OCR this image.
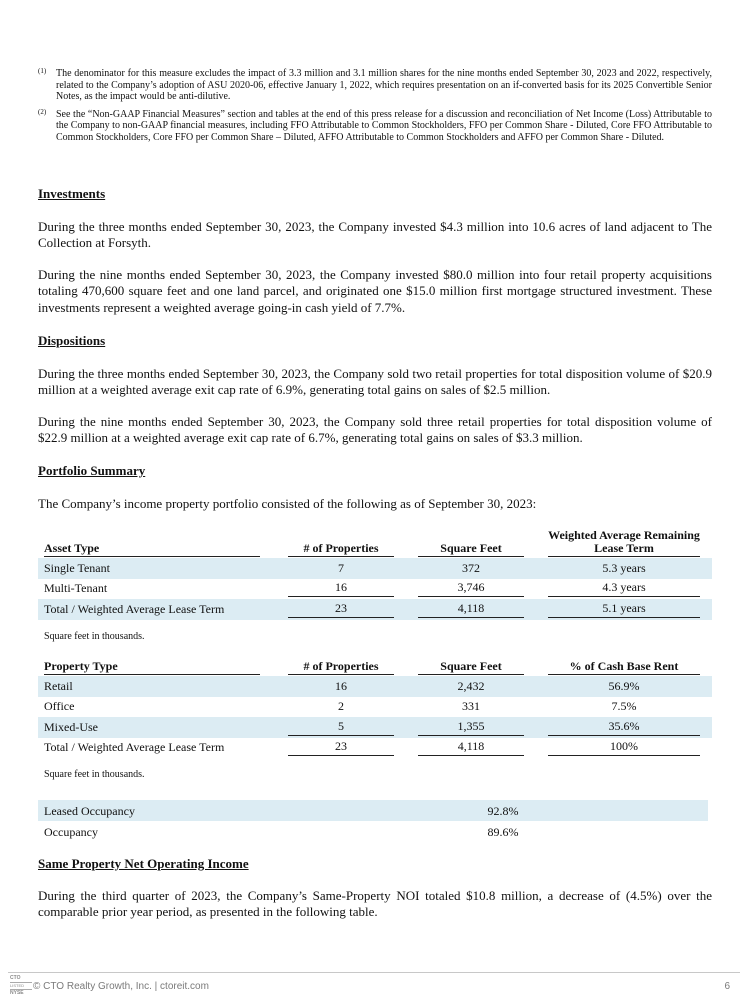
(1) The denominator for this measure excludes the impact of 3.3 million and 3.1 million shares for the nine months ended September 30, 2023 and 2022, respectively, related to the Company’s adoption of ASU 2020-06, effective January 1, 2022, which requires presentation on an if-converted basis for its 2025 Convertible Senior Notes, as the impact would be anti-dilutive.
(2) See the “Non-GAAP Financial Measures” section and tables at the end of this press release for a discussion and reconciliation of Net Income (Loss) Attributable to the Company to non-GAAP financial measures, including FFO Attributable to Common Stockholders, FFO per Common Share - Diluted, Core FFO Attributable to Common Stockholders, Core FFO per Common Share – Diluted, AFFO Attributable to Common Stockholders and AFFO per Common Share - Diluted.
Investments
During the three months ended September 30, 2023, the Company invested $4.3 million into 10.6 acres of land adjacent to The Collection at Forsyth.
During the nine months ended September 30, 2023, the Company invested $80.0 million into four retail property acquisitions totaling 470,600 square feet and one land parcel, and originated one $15.0 million first mortgage structured investment. These investments represent a weighted average going-in cash yield of 7.7%.
Dispositions
During the three months ended September 30, 2023, the Company sold two retail properties for total disposition volume of $20.9 million at a weighted average exit cap rate of 6.9%, generating total gains on sales of $2.5 million.
During the nine months ended September 30, 2023, the Company sold three retail properties for total disposition volume of $22.9 million at a weighted average exit cap rate of 6.7%, generating total gains on sales of $3.3 million.
Portfolio Summary
The Company’s income property portfolio consisted of the following as of September 30, 2023:
Asset Type	# of Properties	Square Feet	Weighted Average Remaining Lease Term

Single Tenant	7	372	5.3 years

Multi-Tenant	16	3,746	4.3 years

Total / Weighted Average Lease Term	23	4,118	5.1 years
Square feet in thousands.
Property Type	# of Properties	Square Feet	% of Cash Base Rent

Retail	16	2,432	56.9%

Office	2	331	7.5%

Mixed-Use	5	1,355	35.6%

Total / Weighted Average Lease Term	23	4,118	100%
Square feet in thousands.
Leased Occupancy	92.8%
Occupancy	89.6%
Same Property Net Operating Income
During the third quarter of 2023, the Company’s Same-Property NOI totaled $10.8 million, a decrease of (4.5%) over the comparable prior year period, as presented in the following table.
CTO
LISTED
NYSE
© CTO Realty Growth, Inc. | ctoreit.com	6
